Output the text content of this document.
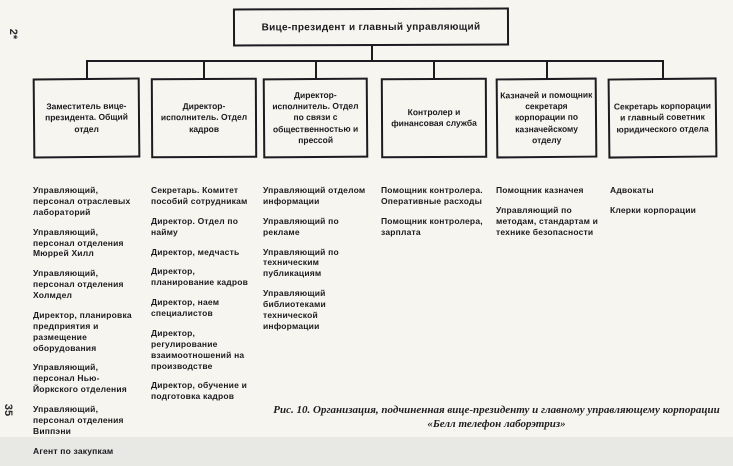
2*
35
Вице-президент и главный управляющий
Заместитель вице-президента. Общий отдел
Директор-исполнитель. Отдел кадров
Директор-исполнитель. Отдел по связи с общественностью и прессой
Контролер и финансовая служба
Казначей и помощник секретаря корпорации по казначейскому отделу
Секретарь корпорации и главный советник юридического отдела

Управляющий, персонал отраслевых лабораторий

Управляющий, персонал отделения Мюррей Хилл

Управляющий, персонал отделения Холмдел

Директор, планировка предприятия и размещение оборудования

Управляющий, персонал Нью-Йоркского отделения

Управляющий, персонал отделения Виппэни

Агент по закупкам

Секретарь. Комитет пособий сотрудникам

Директор. Отдел по найму

Директор, медчасть

Директор, планирование кадров

Директор, наем специалистов

Директор, регулирование взаимоотношений на производстве

Директор, обучение и подготовка кадров

Управляющий отделом информации

Управляющий по рекламе

Управляющий по техническим публикациям

Управляющий библиотеками технической информации

Помощник контролера. Оперативные расходы

Помощник контролера, зарплата

Помощник казначея

Управляющий по методам, стандартам и технике безопасности

Адвокаты

Клерки корпорации

Рис. 10. Организация, подчиненная вице-президенту и главному управляющему корпорации «Белл телефон лаборэтриз»
